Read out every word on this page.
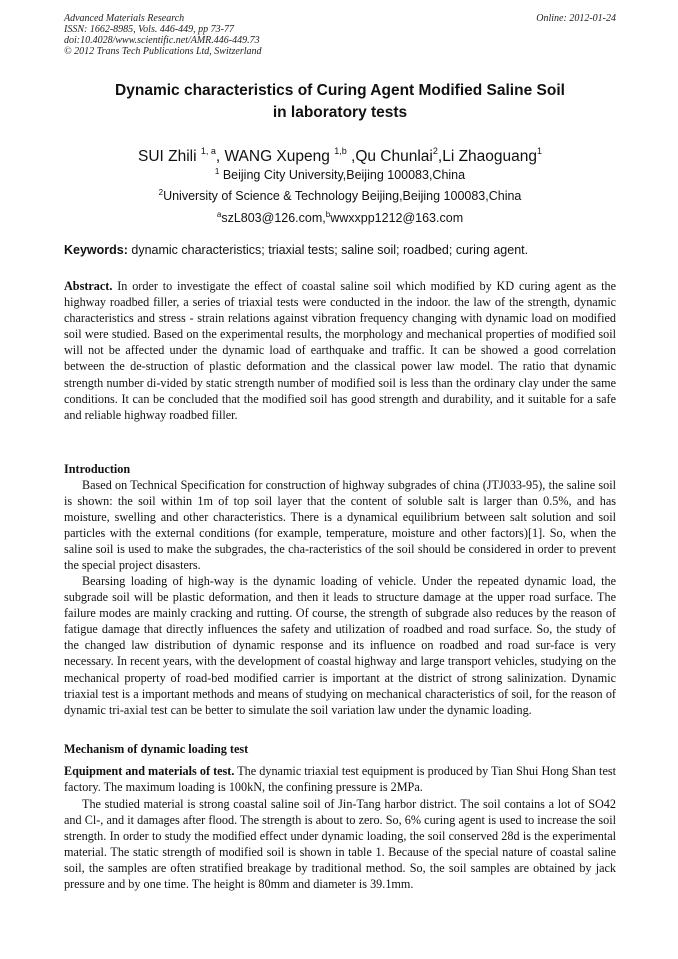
Advanced Materials Research
ISSN: 1662-8985, Vols. 446-449, pp 73-77
doi:10.4028/www.scientific.net/AMR.446-449.73
© 2012 Trans Tech Publications Ltd, Switzerland
Online: 2012-01-24
Dynamic characteristics of Curing Agent Modified Saline Soil
in laboratory tests
SUI Zhili $^{1, a}$, WANG Xupeng $^{1,b}$ ,Qu Chunlai$^2$,Li Zhaoguang$^1$
$^1$ Beijing City University,Beijing 100083,China
$^2$University of Science & Technology Beijing,Beijing 100083,China
$^a$szL803@126.com,$^b$wwxxpp1212@163.com
Keywords: dynamic characteristics; triaxial tests; saline soil; roadbed; curing agent.

Abstract. In order to investigate the effect of coastal saline soil which modified by KD curing agent as the highway roadbed filler, a series of triaxial tests were conducted in the indoor. the law of the strength, dynamic characteristics and stress - strain relations against vibration frequency changing with dynamic load on modified soil were studied. Based on the experimental results, the morphology and mechanical properties of modified soil will not be affected under the dynamic load of earthquake and traffic. It can be showed a good correlation between the de-struction of plastic deformation and the classical power law model. The ratio that dynamic strength number di-vided by static strength number of modified soil is less than the ordinary clay under the same conditions. It can be concluded that the modified soil has good strength and durability, and it suitable for a safe and reliable highway roadbed filler.

Introduction

Based on Technical Specification for construction of highway subgrades of china (JTJ033-95), the saline soil is shown: the soil within 1m of top soil layer that the content of soluble salt is larger than 0.5%, and has moisture, swelling and other characteristics. There is a dynamical equilibrium between salt solution and soil particles with the external conditions (for example, temperature, moisture and other factors)[1]. So, when the saline soil is used to make the subgrades, the cha-racteristics of the soil should be considered in order to prevent the special project disasters.

Bearsing loading of high-way is the dynamic loading of vehicle. Under the repeated dynamic load, the subgrade soil will be plastic deformation, and then it leads to structure damage at the upper road surface. The failure modes are mainly cracking and rutting. Of course, the strength of subgrade also reduces by the reason of fatigue damage that directly influences the safety and utilization of roadbed and road surface. So, the study of the changed law distribution of dynamic response and its influence on roadbed and road sur-face is very necessary. In recent years, with the development of coastal highway and large transport vehicles, studying on the mechanical property of road-bed modified carrier is important at the district of strong salinization. Dynamic triaxial test is a important methods and means of studying on mechanical characteristics of soil, for the reason of dynamic tri-axial test can be better to simulate the soil variation law under the dynamic loading.

Mechanism of dynamic loading test

Equipment and materials of test. The dynamic triaxial test equipment is produced by Tian Shui Hong Shan test factory. The maximum loading is 100kN, the confining pressure is 2MPa.

The studied material is strong coastal saline soil of Jin-Tang harbor district. The soil contains a lot of SO42 and Cl-, and it damages after flood. The strength is about to zero. So, 6% curing agent is used to increase the soil strength. In order to study the modified effect under dynamic loading, the soil conserved 28d is the experimental material. The static strength of modified soil is shown in table 1. Because of the special nature of coastal saline soil, the samples are often stratified breakage by traditional method. So, the soil samples are obtained by jack pressure and by one time. The height is 80mm and diameter is 39.1mm.
